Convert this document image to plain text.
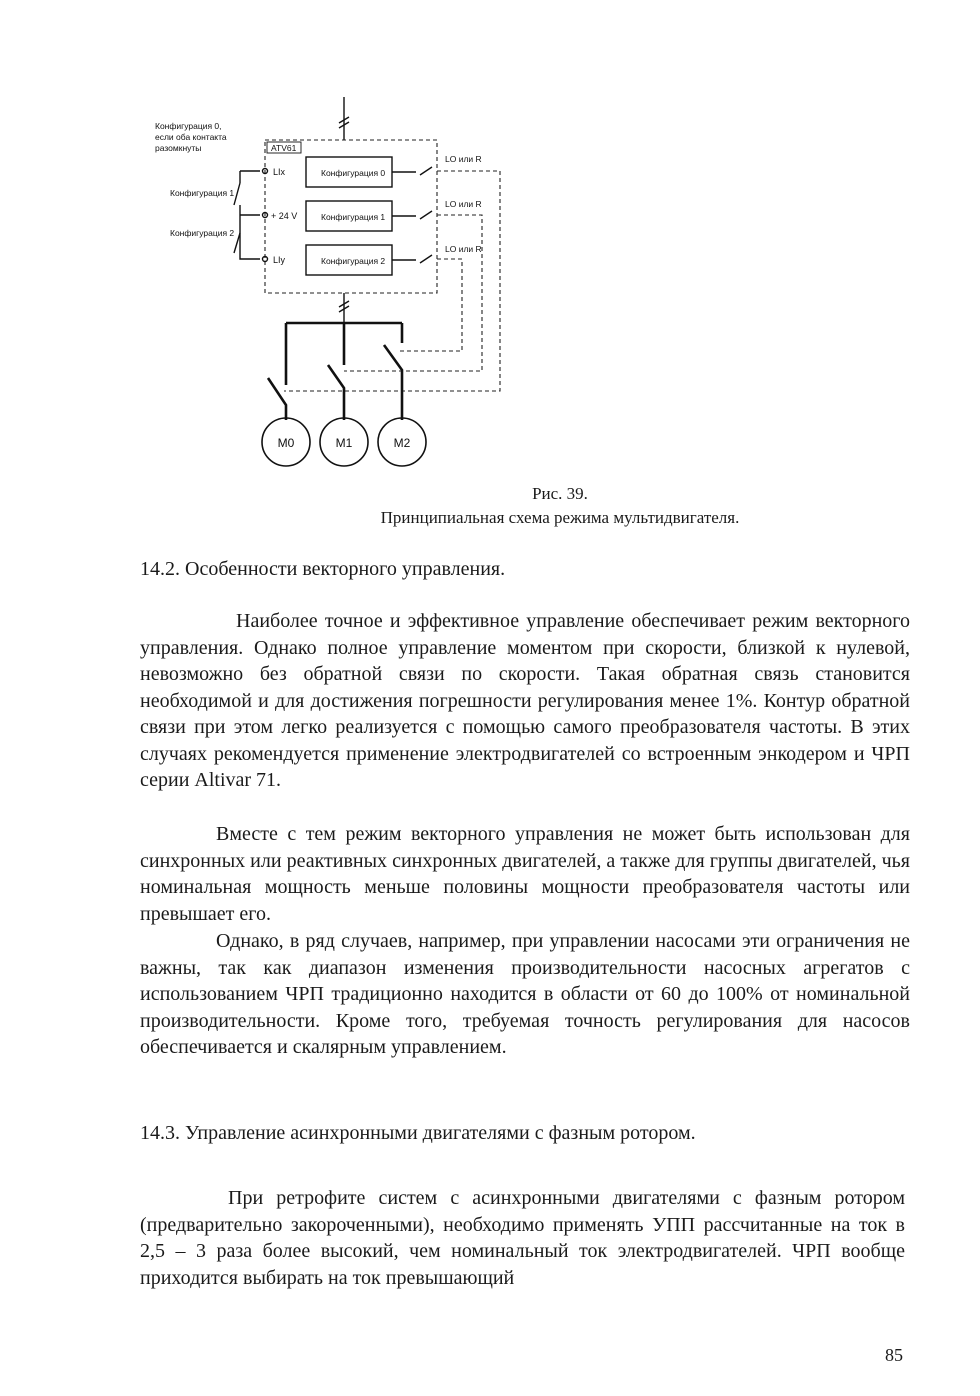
Конфигурация 0,
если оба контакта
разомкнуты
Конфигурация 1
Конфигурация 2
ATV61
LIx
+ 24 V
LIy
Конфигурация 0
Конфигурация 1
Конфигурация 2
LO или R
LO или R
LO или R
M0	M1	M2
Рис. 39.
Принципиальная схема режима мультидвигателя.
14.2. Особенности векторного управления.

Наиболее точное и эффективное управление обеспечивает режим векторного управления. Однако полное управление моментом при скорости, близкой к нулевой, невозможно без обратной связи по скорости. Такая обратная связь становится необходимой и для достижения погрешности регулирования менее 1%. Контур обратной связи при этом легко реализуется с помощью самого преобразователя частоты. В этих случаях рекомендуется применение электродвигателей со встроенным энкодером и ЧРП серии Altivar 71.

Вместе с тем режим векторного управления не может быть использован для синхронных или реактивных синхронных двигателей, а также для группы двигателей, чья номинальная мощность меньше половины мощности преобразователя частоты или превышает его.

Однако, в ряд случаев, например, при управлении насосами эти ограничения не важны, так как диапазон изменения производительности насосных агрегатов с использованием ЧРП традиционно находится в области от 60 до 100% от номинальной производительности. Кроме того, требуемая точность регулирования для насосов обеспечивается и скалярным управлением.

14.3. Управление асинхронными двигателями с фазным ротором.

При ретрофите систем с асинхронными двигателями с фазным ротором (предварительно закороченными), необходимо применять УПП рассчитанные на ток в 2,5 – 3 раза более высокий, чем номинальный ток электродвигателей. ЧРП вообще приходится выбирать на ток превышающий

85
